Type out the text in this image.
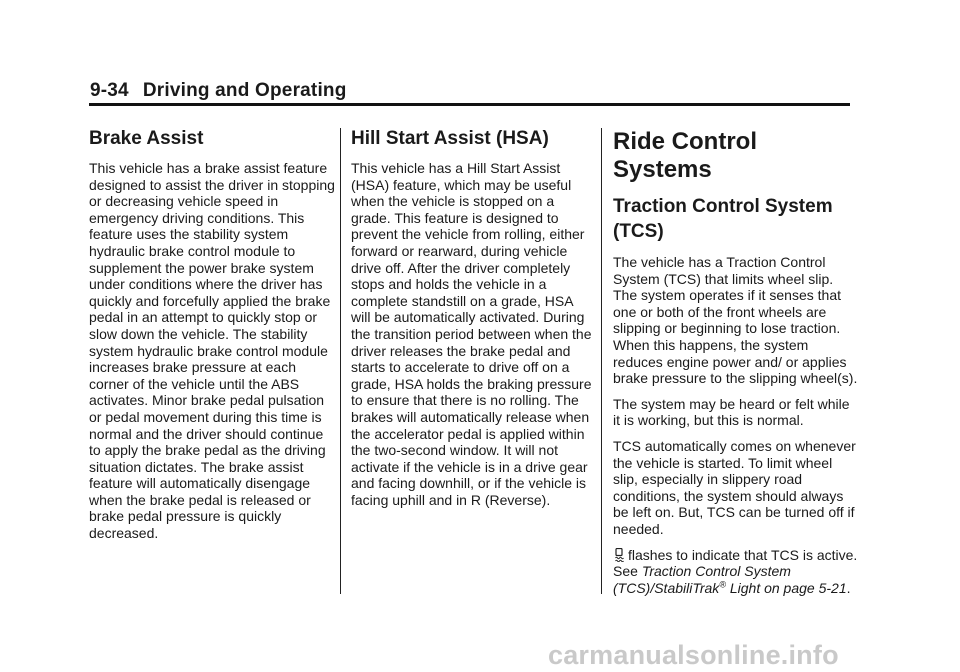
9-34 Driving and Operating
Brake Assist

This vehicle has a brake assist feature designed to assist the driver in stopping or decreasing vehicle speed in emergency driving conditions. This feature uses the stability system hydraulic brake control module to supplement the power brake system under conditions where the driver has quickly and forcefully applied the brake pedal in an attempt to quickly stop or slow down the vehicle. The stability system hydraulic brake control module increases brake pressure at each corner of the vehicle until the ABS activates. Minor brake pedal pulsation or pedal movement during this time is normal and the driver should continue to apply the brake pedal as the driving situation dictates. The brake assist feature will automatically disengage when the brake pedal is released or brake pedal pressure is quickly decreased.

Hill Start Assist (HSA)

This vehicle has a Hill Start Assist (HSA) feature, which may be useful when the vehicle is stopped on a grade. This feature is designed to prevent the vehicle from rolling, either forward or rearward, during vehicle drive off. After the driver completely stops and holds the vehicle in a complete standstill on a grade, HSA will be automatically activated. During the transition period between when the driver releases the brake pedal and starts to accelerate to drive off on a grade, HSA holds the braking pressure to ensure that there is no rolling. The brakes will automatically release when the accelerator pedal is applied within the two-second window. It will not activate if the vehicle is in a drive gear and facing downhill, or if the vehicle is facing uphill and in R (Reverse).

Ride Control Systems
Traction Control System (TCS)

The vehicle has a Traction Control System (TCS) that limits wheel slip. The system operates if it senses that one or both of the front wheels are slipping or beginning to lose traction. When this happens, the system reduces engine power and/ or applies brake pressure to the slipping wheel(s).

The system may be heard or felt while it is working, but this is normal.

TCS automatically comes on whenever the vehicle is started. To limit wheel slip, especially in slippery road conditions, the system should always be left on. But, TCS can be turned off if needed.

flashes to indicate that TCS is active. See Traction Control System (TCS)/StabiliTrak® Light on page 5-21.

carmanualsonline.info
